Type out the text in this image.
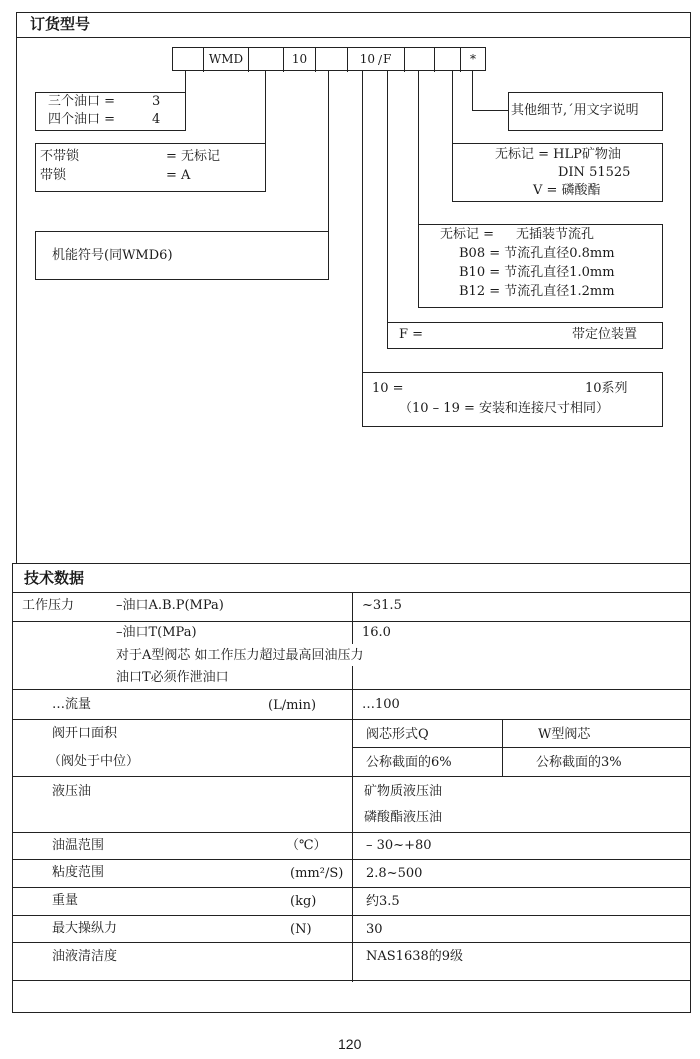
订货型号
WMD	10	10 / F	*
三个油口 =	3
四个油口 =	4
不带锁	= 无标记
带锁	= A
机能符号(同WMD6)
其他细节,´用文字说明
无标记 = HLP矿物油
DIN 51525
V = 磷酸酯
无标记 = 无插装节流孔
B08 = 节流孔直径0.8mm
B10 = 节流孔直径1.0mm
B12 = 节流孔直径1.2mm
F =	带定位装置
10 =	10系列
（10 – 19 = 安装和连接尺寸相同）
技术数据
工作压力	–油口A.B.P(MPa)	~31.5
–油口T(MPa)	16.0
对于A型阀芯 如工作压力超过最高回油压力
油口T必须作泄油口
…流量	(L/min)	…100
阀开口面积
（阀处于中位）
阀芯形式Q	W型阀芯
公称截面的6%	公称截面的3%
液压油	矿物质液压油
磷酸酯液压油
油温范围	（℃）	– 30~+80
粘度范围	(mm²/S) 2.8~500
重量	(kg)	约3.5
最大操纵力	(N)	30
油液清洁度	NAS1638的9级
120
